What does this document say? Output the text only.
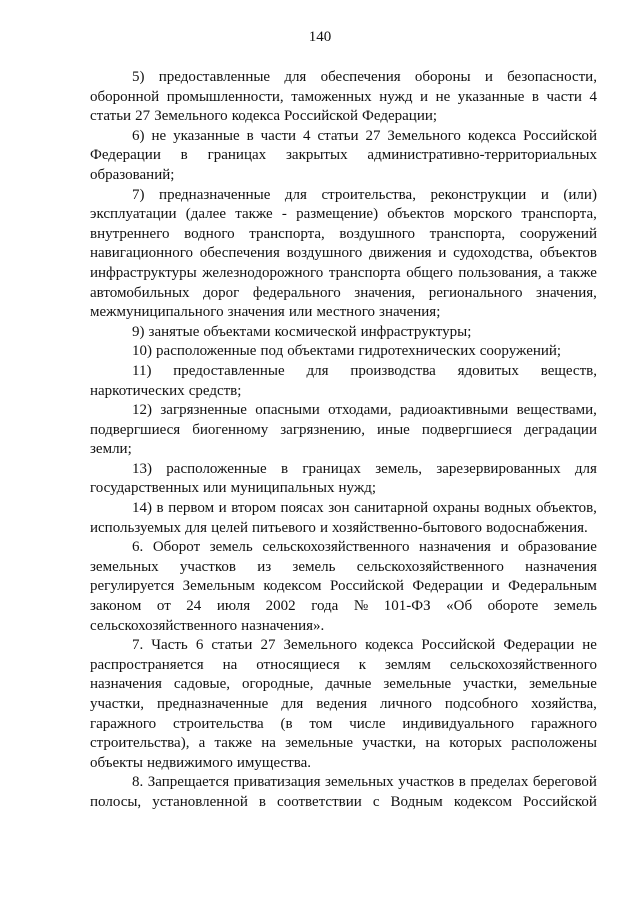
140
5) предоставленные для обеспечения обороны и безопасности,
оборонной промышленности, таможенных нужд и не указанные в части 4
статьи 27 Земельного кодекса Российской Федерации;
6) не указанные в части 4 статьи 27 Земельного кодекса Российской
Федерации в границах закрытых административно-территориальных
образований;
7) предназначенные для строительства, реконструкции и (или)
эксплуатации (далее также - размещение) объектов морского транспорта,
внутреннего водного транспорта, воздушного транспорта, сооружений
навигационного обеспечения воздушного движения и судоходства, объектов
инфраструктуры железнодорожного транспорта общего пользования, а также
автомобильных дорог федерального значения, регионального значения,
межмуниципального значения или местного значения;
9) занятые объектами космической инфраструктуры;
10) расположенные под объектами гидротехнических сооружений;
11) предоставленные для производства ядовитых веществ,
наркотических средств;
12) загрязненные опасными отходами, радиоактивными веществами,
подвергшиеся биогенному загрязнению, иные подвергшиеся деградации
земли;
13) расположенные в границах земель, зарезервированных для
государственных или муниципальных нужд;
14) в первом и втором поясах зон санитарной охраны водных объектов,
используемых для целей питьевого и хозяйственно-бытового водоснабжения.
6. Оборот земель сельскохозяйственного назначения и образование
земельных участков из земель сельскохозяйственного назначения
регулируется Земельным кодексом Российской Федерации и Федеральным
законом от 24 июля 2002 года № 101-ФЗ «Об обороте земель
сельскохозяйственного назначения».
7. Часть 6 статьи 27 Земельного кодекса Российской Федерации не
распространяется на относящиеся к землям сельскохозяйственного
назначения садовые, огородные, дачные земельные участки, земельные
участки, предназначенные для ведения личного подсобного хозяйства,
гаражного строительства (в том числе индивидуального гаражного
строительства), а также на земельные участки, на которых расположены
объекты недвижимого имущества.
8. Запрещается приватизация земельных участков в пределах береговой
полосы, установленной в соответствии с Водным кодексом Российской
